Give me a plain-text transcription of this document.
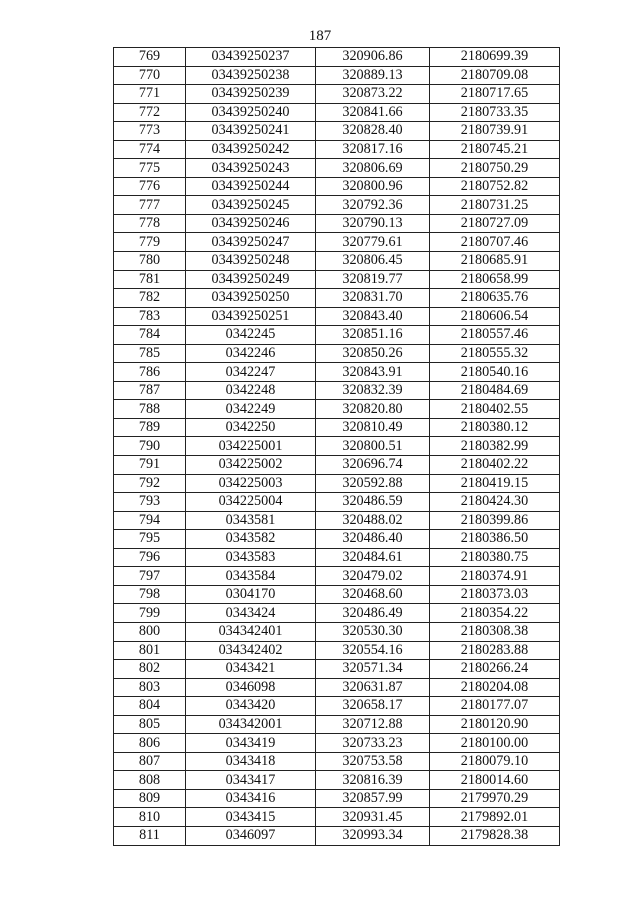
187
769	03439250237	320906.86	2180699.39
770	03439250238	320889.13	2180709.08
771	03439250239	320873.22	2180717.65
772	03439250240	320841.66	2180733.35
773	03439250241	320828.40	2180739.91
774	03439250242	320817.16	2180745.21
775	03439250243	320806.69	2180750.29
776	03439250244	320800.96	2180752.82
777	03439250245	320792.36	2180731.25
778	03439250246	320790.13	2180727.09
779	03439250247	320779.61	2180707.46
780	03439250248	320806.45	2180685.91
781	03439250249	320819.77	2180658.99
782	03439250250	320831.70	2180635.76
783	03439250251	320843.40	2180606.54
784	0342245	320851.16	2180557.46
785	0342246	320850.26	2180555.32
786	0342247	320843.91	2180540.16
787	0342248	320832.39	2180484.69
788	0342249	320820.80	2180402.55
789	0342250	320810.49	2180380.12
790	034225001	320800.51	2180382.99
791	034225002	320696.74	2180402.22
792	034225003	320592.88	2180419.15
793	034225004	320486.59	2180424.30
794	0343581	320488.02	2180399.86
795	0343582	320486.40	2180386.50
796	0343583	320484.61	2180380.75
797	0343584	320479.02	2180374.91
798	0304170	320468.60	2180373.03
799	0343424	320486.49	2180354.22
800	034342401	320530.30	2180308.38
801	034342402	320554.16	2180283.88
802	0343421	320571.34	2180266.24
803	0346098	320631.87	2180204.08
804	0343420	320658.17	2180177.07
805	034342001	320712.88	2180120.90
806	0343419	320733.23	2180100.00
807	0343418	320753.58	2180079.10
808	0343417	320816.39	2180014.60
809	0343416	320857.99	2179970.29
810	0343415	320931.45	2179892.01
811	0346097	320993.34	2179828.38
